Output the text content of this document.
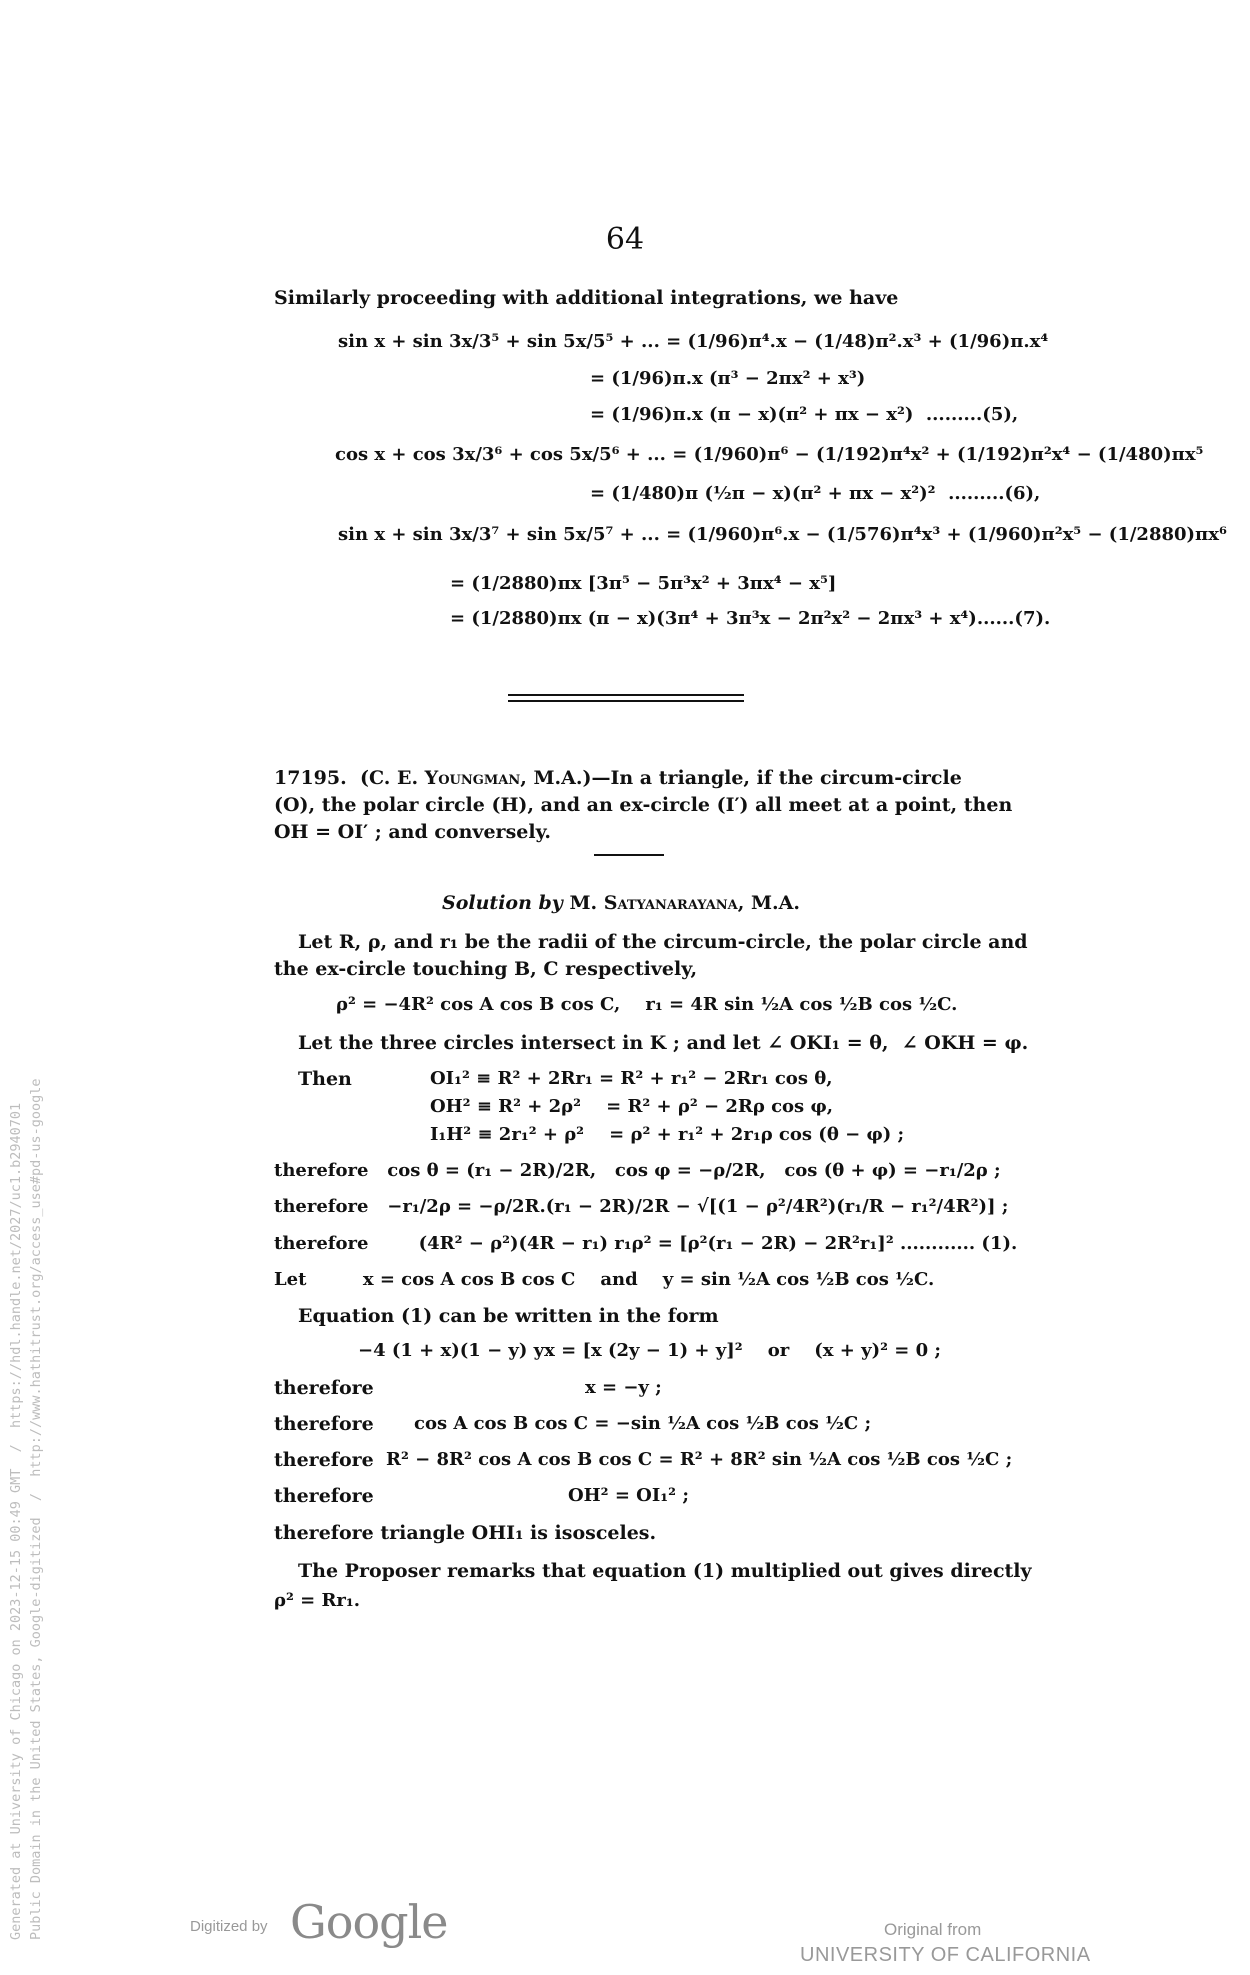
64
Similarly proceeding with additional integrations, we have
sin x + sin 3x/3⁵ + sin 5x/5⁵ + ... = (1/96)π⁴.x − (1/48)π².x³ + (1/96)π.x⁴
= (1/96)π.x (π³ − 2πx² + x³)
= (1/96)π.x (π − x)(π² + πx − x²)  .........(5),
cos x + cos 3x/3⁶ + cos 5x/5⁶ + ... = (1/960)π⁶ − (1/192)π⁴x² + (1/192)π²x⁴ − (1/480)πx⁵
= (1/480)π (½π − x)(π² + πx − x²)²  .........(6),
sin x + sin 3x/3⁷ + sin 5x/5⁷ + ... = (1/960)π⁶.x − (1/576)π⁴x³ + (1/960)π²x⁵ − (1/2880)πx⁶
= (1/2880)πx [3π⁵ − 5π³x² + 3πx⁴ − x⁵]
= (1/2880)πx (π − x)(3π⁴ + 3π³x − 2π²x² − 2πx³ + x⁴)......(7).
17195. (C. E. Youngman, M.A.)—In a triangle, if the circum-circle
(O), the polar circle (H), and an ex-circle (I′) all meet at a point, then
OH = OI′ ; and conversely.
Solution by M. Satyanarayana, M.A.
Let R, ρ, and r₁ be the radii of the circum-circle, the polar circle and
the ex-circle touching B, C respectively,
ρ² = −4R² cos A cos B cos C,    r₁ = 4R sin ½A cos ½B cos ½C.
Let the three circles intersect in K ; and let ∠ OKI₁ = θ,  ∠ OKH = φ.
Then	OI₁² ≡ R² + 2Rr₁ = R² + r₁² − 2Rr₁ cos θ,
OH² ≡ R² + 2ρ²    = R² + ρ² − 2Rρ cos φ,
I₁H² ≡ 2r₁² + ρ²    = ρ² + r₁² + 2r₁ρ cos (θ − φ) ;
therefore   cos θ = (r₁ − 2R)/2R,   cos φ = −ρ/2R,   cos (θ + φ) = −r₁/2ρ ;
therefore   −r₁/2ρ = −ρ/2R.(r₁ − 2R)/2R − √[(1 − ρ²/4R²)(r₁/R − r₁²/4R²)] ;
therefore        (4R² − ρ²)(4R − r₁) r₁ρ² = [ρ²(r₁ − 2R) − 2R²r₁]² ............ (1).
Let         x = cos A cos B cos C    and    y = sin ½A cos ½B cos ½C.
Equation (1) can be written in the form
−4 (1 + x)(1 − y) yx = [x (2y − 1) + y]²    or    (x + y)² = 0 ;
therefore	x = −y ;
therefore cos A cos B cos C = −sin ½A cos ½B cos ½C ;
therefore R² − 8R² cos A cos B cos C = R² + 8R² sin ½A cos ½B cos ½C ;
therefore	OH² = OI₁² ;
therefore triangle OHI₁ is isosceles.
The Proposer remarks that equation (1) multiplied out gives directly
ρ² = Rr₁.
Generated at University of Chicago on 2023-12-15 00:49 GMT  /  https://hdl.handle.net/2027/uc1.b2940701 Public Domain in the United States, Google-digitized  /  http://www.hathitrust.org/access_use#pd-us-google	Digitized by Google	Original from
UNIVERSITY OF CALIFORNIA
